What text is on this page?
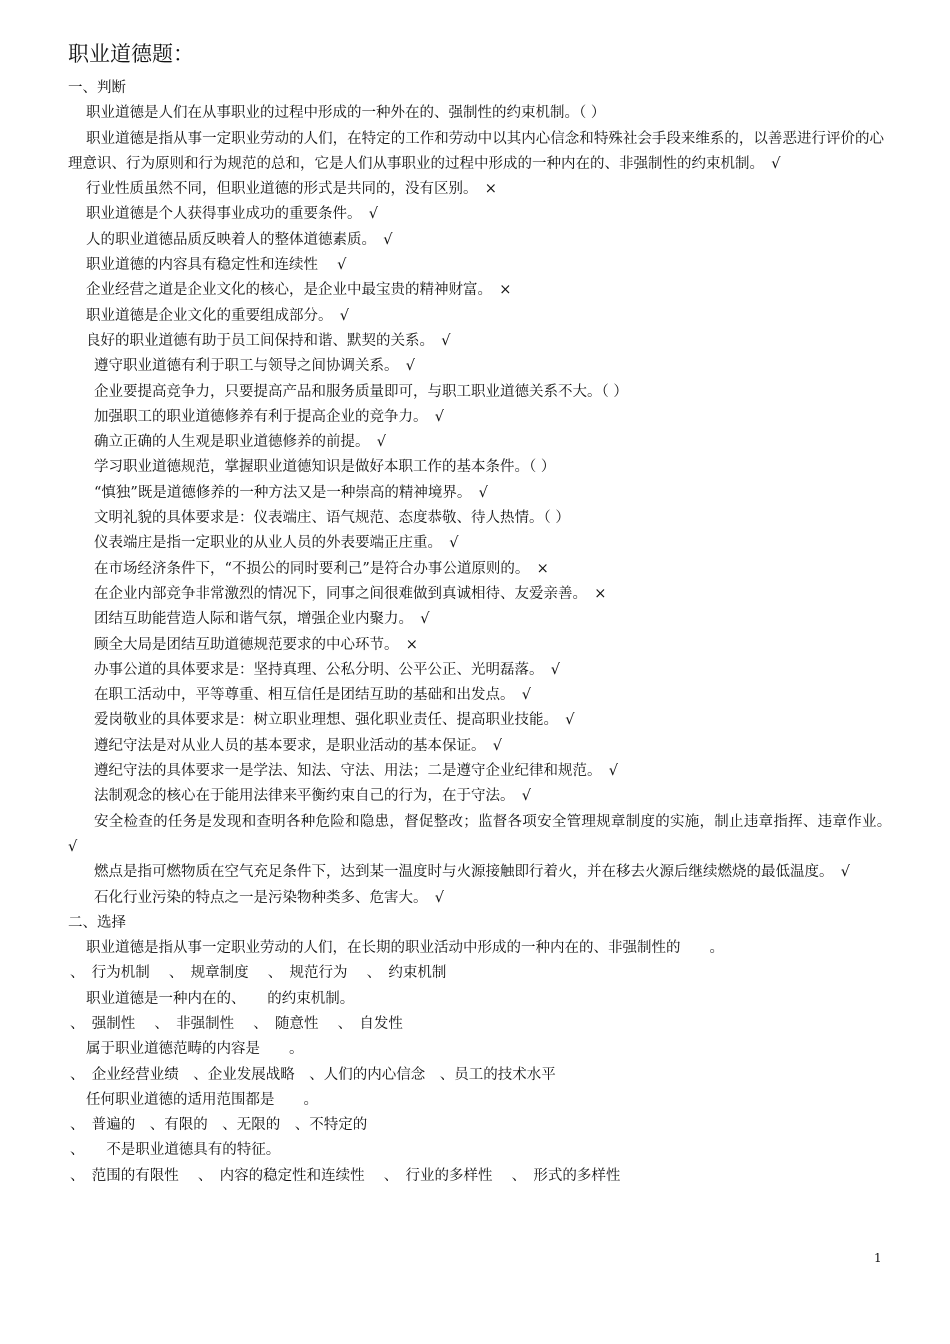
职业道德题：
一、判断
职业道德是人们在从事职业的过程中形成的一种外在的、强制性的约束机制。（ ）
职业道德是指从事一定职业劳动的人们，在特定的工作和劳动中以其内心信念和特殊社会手段来维系的，以善恶进行评价的心理意识、行为原则和行为规范的总和，它是人们从事职业的过程中形成的一种内在的、非强制性的约束机制。　√
行业性质虽然不同，但职业道德的形式是共同的，没有区别。　×
职业道德是个人获得事业成功的重要条件。　√
人的职业道德品质反映着人的整体道德素质。　√
职业道德的内容具有稳定性和连续性　 √
企业经营之道是企业文化的核心，是企业中最宝贵的精神财富。　×
职业道德是企业文化的重要组成部分。　√
良好的职业道德有助于员工间保持和谐、默契的关系。　√
遵守职业道德有利于职工与领导之间协调关系。　√
企业要提高竞争力，只要提高产品和服务质量即可，与职工职业道德关系不大。（ ）
加强职工的职业道德修养有利于提高企业的竞争力。　√
确立正确的人生观是职业道德修养的前提。　√
学习职业道德规范，掌握职业道德知识是做好本职工作的基本条件。（ ）
“慎独”既是道德修养的一种方法又是一种崇高的精神境界。　√
文明礼貌的具体要求是：仪表端庄、语气规范、态度恭敬、待人热情。（ ）
仪表端庄是指一定职业的从业人员的外表要端正庄重。　√
在市场经济条件下，“不损公的同时要利己”是符合办事公道原则的。　×
在企业内部竞争非常激烈的情况下，同事之间很难做到真诚相待、友爱亲善。　×
团结互助能营造人际和谐气氛，增强企业内聚力。　√
顾全大局是团结互助道德规范要求的中心环节。　×
办事公道的具体要求是：坚持真理、公私分明、公平公正、光明磊落。　√
在职工活动中，平等尊重、相互信任是团结互助的基础和出发点。　√
爱岗敬业的具体要求是：树立职业理想、强化职业责任、提高职业技能。　√
遵纪守法是对从业人员的基本要求，是职业活动的基本保证。　√
遵纪守法的具体要求一是学法、知法、守法、用法；二是遵守企业纪律和规范。　√
法制观念的核心在于能用法律来平衡约束自己的行为，在于守法。　√
安全检查的任务是发现和查明各种危险和隐患，督促整改；监督各项安全管理规章制度的实施，制止违章指挥、违章作业。　√
燃点是指可燃物质在空气充足条件下，达到某一温度时与火源接触即行着火，并在移去火源后继续燃烧的最低温度。　√
石化行业污染的特点之一是污染物种类多、危害大。　√
二、选择
职业道德是指从事一定职业劳动的人们，在长期的职业活动中形成的一种内在的、非强制性的　　。
、　行为机制　 、　规章制度　 、　规范行为　 、　约束机制
职业道德是一种内在的、　　的约束机制。
、　强制性　 、　非强制性　 、　随意性　 、　自发性
属于职业道德范畴的内容是　　。
、　企业经营业绩　、企业发展战略　、人们的内心信念　、员工的技术水平
任何职业道德的适用范围都是　　。
、　普遍的　、有限的　、无限的　、不特定的
、　　不是职业道德具有的特征。
、　范围的有限性　 、　内容的稳定性和连续性　 、　行业的多样性　 、　形式的多样性
1
